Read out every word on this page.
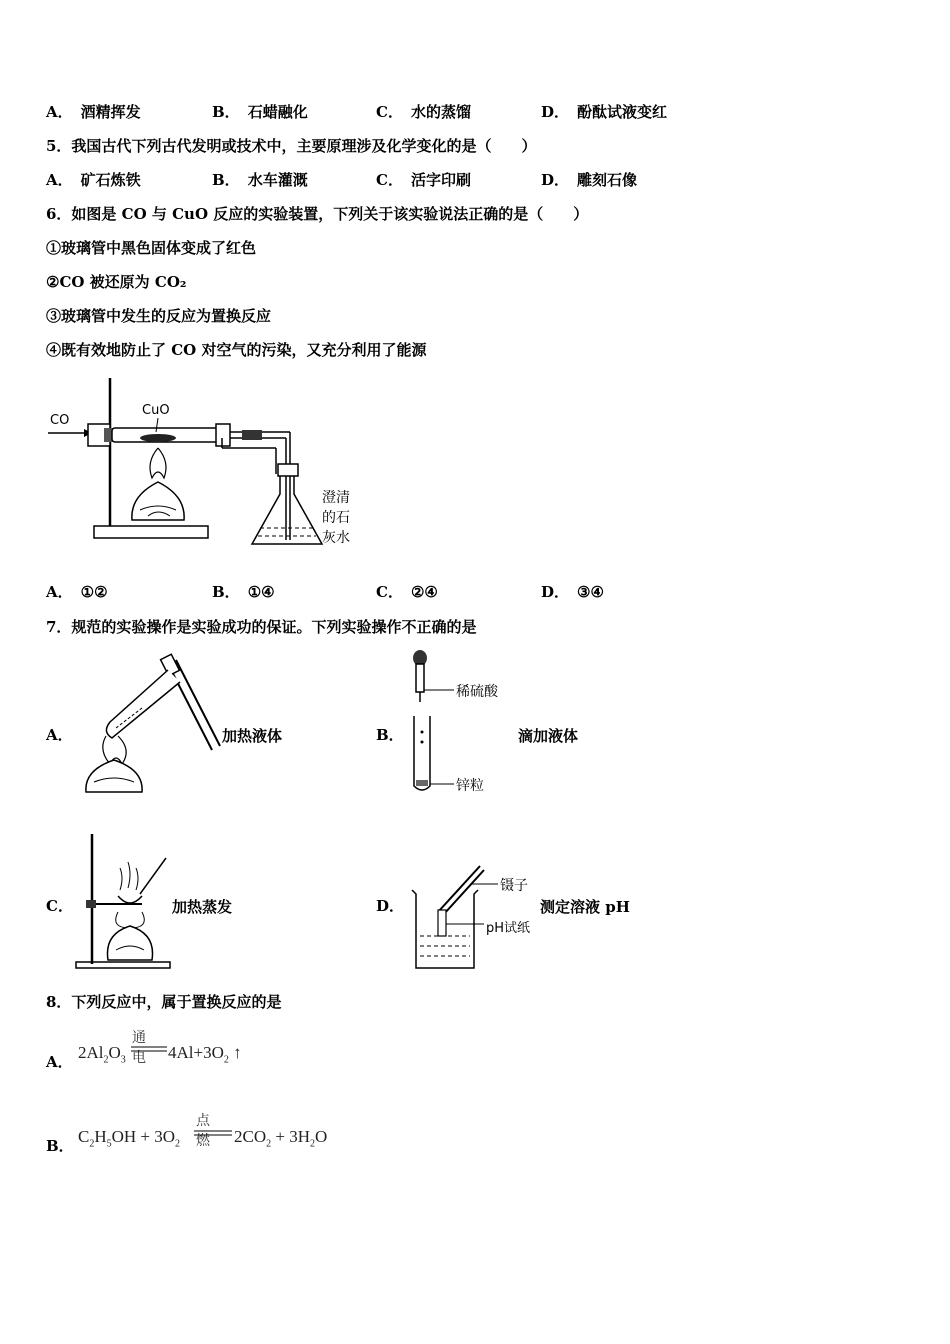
A． 酒精挥发	B． 石蜡融化	C． 水的蒸馏	D． 酚酞试液变红
5．我国古代下列古代发明或技术中，主要原理涉及化学变化的是（　　）
A． 矿石炼铁	B． 水车灌溉	C． 活字印刷	D． 雕刻石像
6．如图是 CO 与 CuO 反应的实验装置，下列关于该实验说法正确的是（　　）
①玻璃管中黑色固体变成了红色
②CO 被还原为 CO₂
③玻璃管中发生的反应为置换反应
④既有效地防止了 CO 对空气的污染，又充分利用了能源
CO
CuO
澄清
的石
灰水
A． ①②	B． ①④	C． ②④	D． ③④
7．规范的实验操作是实验成功的保证。下列实验操作不正确的是
A．	加热液体	B．
稀硫酸
锌粒
滴加液体
C．	加热蒸发	D．
镊子
pH试纸
测定溶液 pH
8．下列反应中，属于置换反应的是
A． $2Al_2O_3$
通电 $4Al+3O_2$ ↑
B． $C_2H_5OH + 3O_2$
点燃 $2CO_2 + 3H_2O$
